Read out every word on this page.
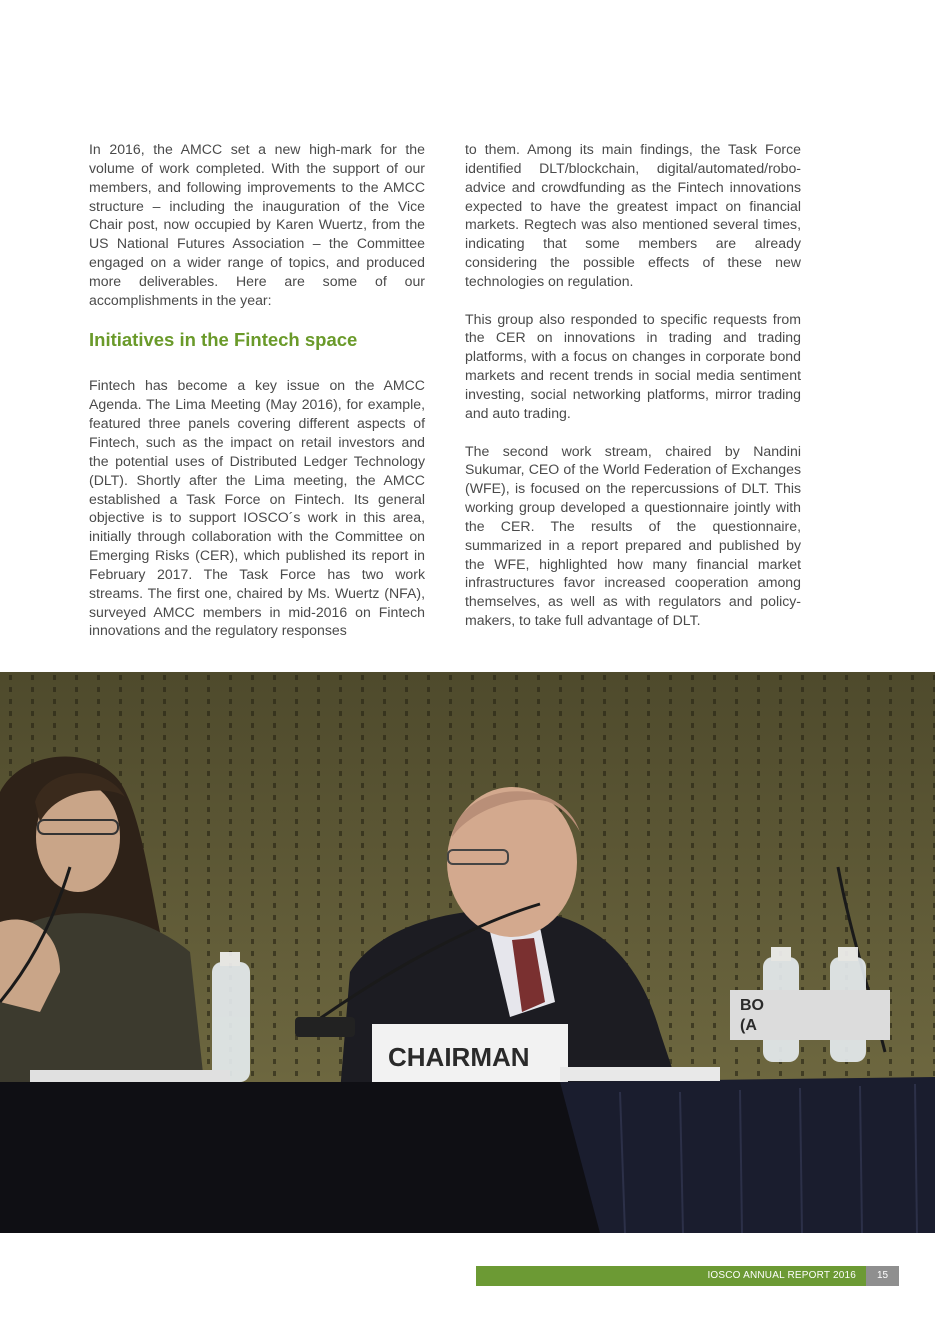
In 2016, the AMCC set a new high-mark for the volume of work completed. With the support of our members, and following improvements to the AMCC structure – including the inauguration of the Vice Chair post, now occupied by Karen Wuertz, from the US National Futures Association – the Committee engaged on a wider range of topics, and produced more deliverables. Here are some of our accomplishments in the year:

Initiatives in the Fintech space

Fintech has become a key issue on the AMCC Agenda. The Lima Meeting (May 2016), for example, featured three panels covering different aspects of Fintech, such as the impact on retail investors and the potential uses of Distributed Ledger Technology (DLT). Shortly after the Lima meeting, the AMCC established a Task Force on Fintech. Its general objective is to support IOSCO´s work in this area, initially through collaboration with the Committee on Emerging Risks (CER), which published its report in February 2017. The Task Force has two work streams. The first one, chaired by Ms. Wuertz (NFA), surveyed AMCC members in mid-2016 on Fintech innovations and the regulatory responses

to them. Among its main findings, the Task Force identified DLT/blockchain, digital/automated/robo-advice and crowdfunding as the Fintech innovations expected to have the greatest impact on financial markets. Regtech was also mentioned several times, indicating that some members are already considering the possible effects of these new technologies on regulation.

This group also responded to specific requests from the CER on innovations in trading and trading platforms, with a focus on changes in corporate bond markets and recent trends in social media sentiment investing, social networking platforms, mirror trading and auto trading.

The second work stream, chaired by Nandini Sukumar, CEO of the World Federation of Exchanges (WFE), is focused on the repercussions of DLT. This working group developed a questionnaire jointly with the CER. The results of the questionnaire, summarized in a report prepared and published by the WFE, highlighted how many financial market infrastructures favor increased cooperation among themselves, as well as with regulators and policy-makers, to take full advantage of DLT.

CHAIRMAN
BO
(A
IOSCO ANNUAL REPORT 2016	15
